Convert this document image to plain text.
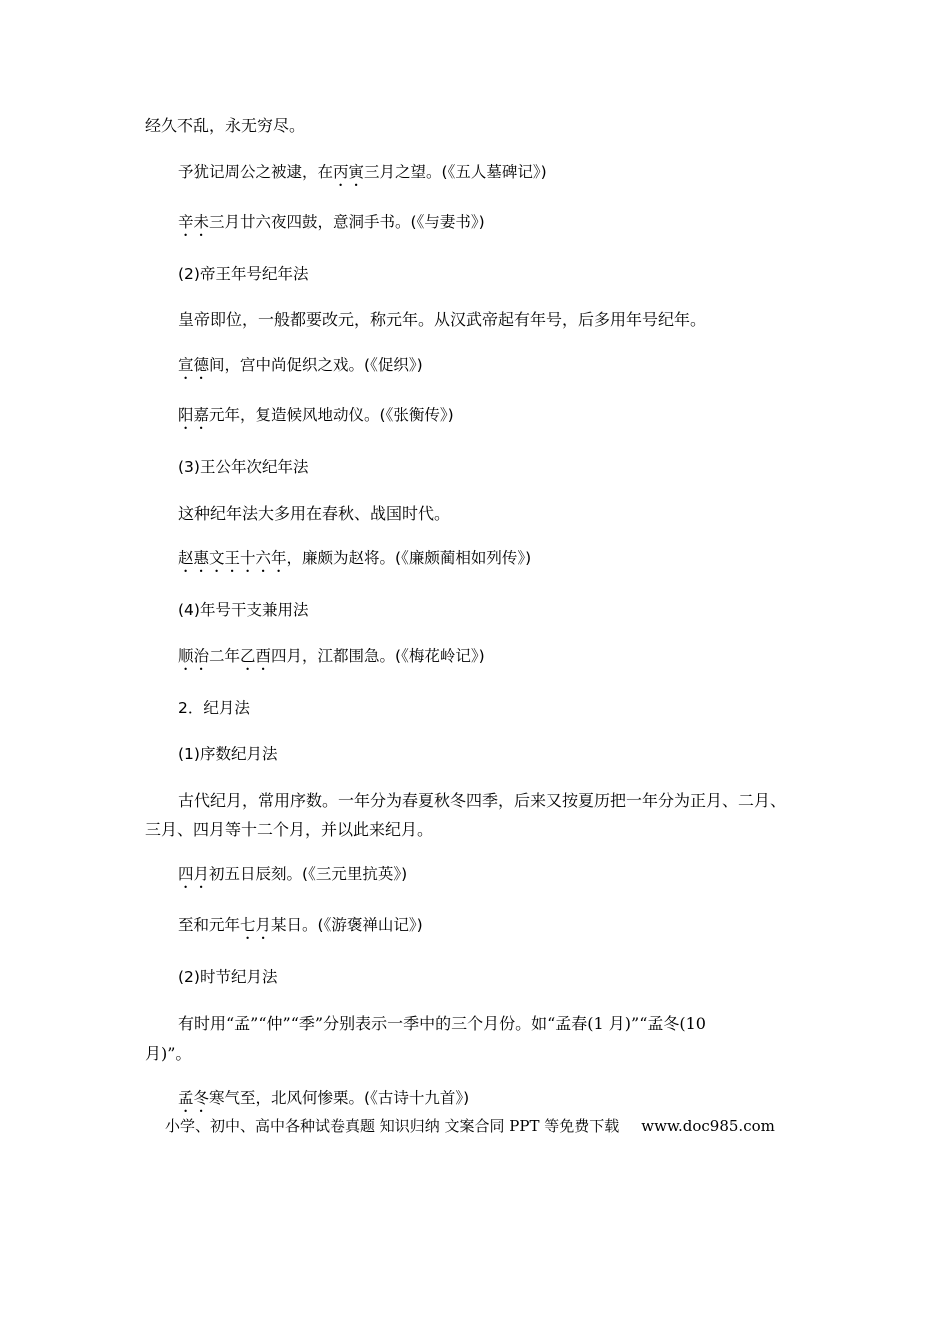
经久不乱，永无穷尽。
予犹记周公之被逮，在丙寅三月之望。(《五人墓碑记》)
辛未三月廿六夜四鼓，意洞手书。(《与妻书》)
(2)帝王年号纪年法
皇帝即位，一般都要改元，称元年。从汉武帝起有年号，后多用年号纪年。
宣德间，宫中尚促织之戏。(《促织》)
阳嘉元年，复造候风地动仪。(《张衡传》)
(3)王公年次纪年法
这种纪年法大多用在春秋、战国时代。
赵惠文王十六年，廉颇为赵将。(《廉颇蔺相如列传》)
(4)年号干支兼用法
顺治二年乙酉四月，江都围急。(《梅花岭记》)
2．纪月法
(1)序数纪月法
古代纪月，常用序数。一年分为春夏秋冬四季，后来又按夏历把一年分为正月、二月、
三月、四月等十二个月，并以此来纪月。
四月初五日辰刻。(《三元里抗英》)
至和元年七月某日。(《游褒禅山记》)
(2)时节纪月法
有时用“孟”“仲”“季”分别表示一季中的三个月份。如“孟春(1 月)”“孟冬(10
月)”。
孟冬寒气至，北风何惨栗。(《古诗十九首》)
小学、初中、高中各种试卷真题 知识归纳 文案合同 PPT 等免费下载 www.doc985.com
